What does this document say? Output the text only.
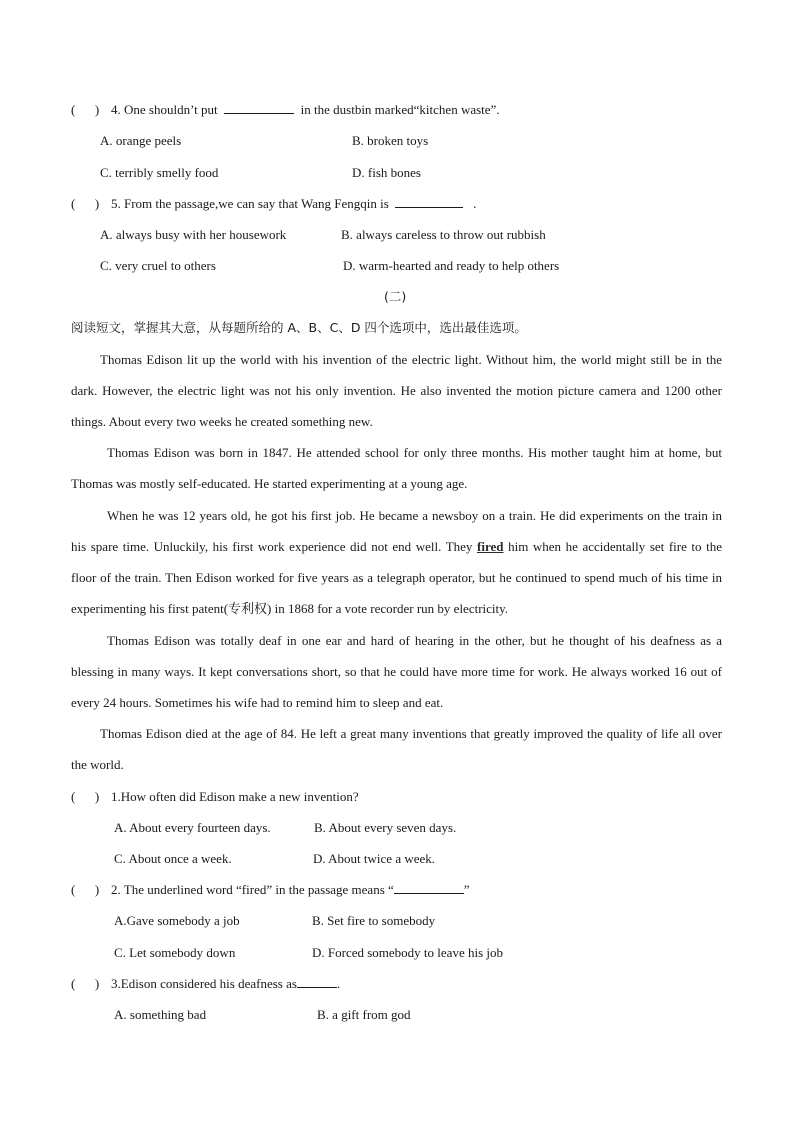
( ) 4. One shouldn’t put	in the dustbin marked“kitchen waste”.
A. orange peels	B. broken toys
C. terribly smelly food	D. fish bones
( ) 5. From the passage,we can say that Wang Fengqin is	.
A. always busy with her housework	B. always careless to throw out rubbish
C. very cruel to others	D. warm-hearted and ready to help others
(二)
阅读短文，掌握其大意，从每题所给的 A、B、C、D 四个选项中，选出最佳选项。
Thomas Edison lit up the world with his invention of the electric light. Without him, the world might still be in the dark. However, the electric light was not his only invention. He also invented the motion picture camera and 1200 other things. About every two weeks he created something new.
Thomas Edison was born in 1847. He attended school for only three months. His mother taught him at home, but Thomas was mostly self-educated. He started experimenting at a young age.
When he was 12 years old, he got his first job. He became a newsboy on a train. He did experiments on the train in his spare time. Unluckily, his first work experience did not end well. They fired him when he accidentally set fire to the floor of the train. Then Edison worked for five years as a telegraph operator, but he continued to spend much of his time in experimenting his first patent(专利权) in 1868 for a vote recorder run by electricity.
Thomas Edison was totally deaf in one ear and hard of hearing in the other, but he thought of his deafness as a blessing in many ways. It kept conversations short, so that he could have more time for work. He always worked 16 out of every 24 hours. Sometimes his wife had to remind him to sleep and eat.
Thomas Edison died at the age of 84. He left a great many inventions that greatly improved the quality of life all over the world.
( ) 1.How often did Edison make a new invention?
A. About every fourteen days.	B. About every seven days.
C. About once a week.	D. About twice a week.
( ) 2. The underlined word “fired” in the passage means “	”
A.Gave somebody a job	B. Set fire to somebody
C. Let somebody down	D. Forced somebody to leave his job
( ) 3.Edison considered his deafness as	.
A. something bad	B. a gift from god
